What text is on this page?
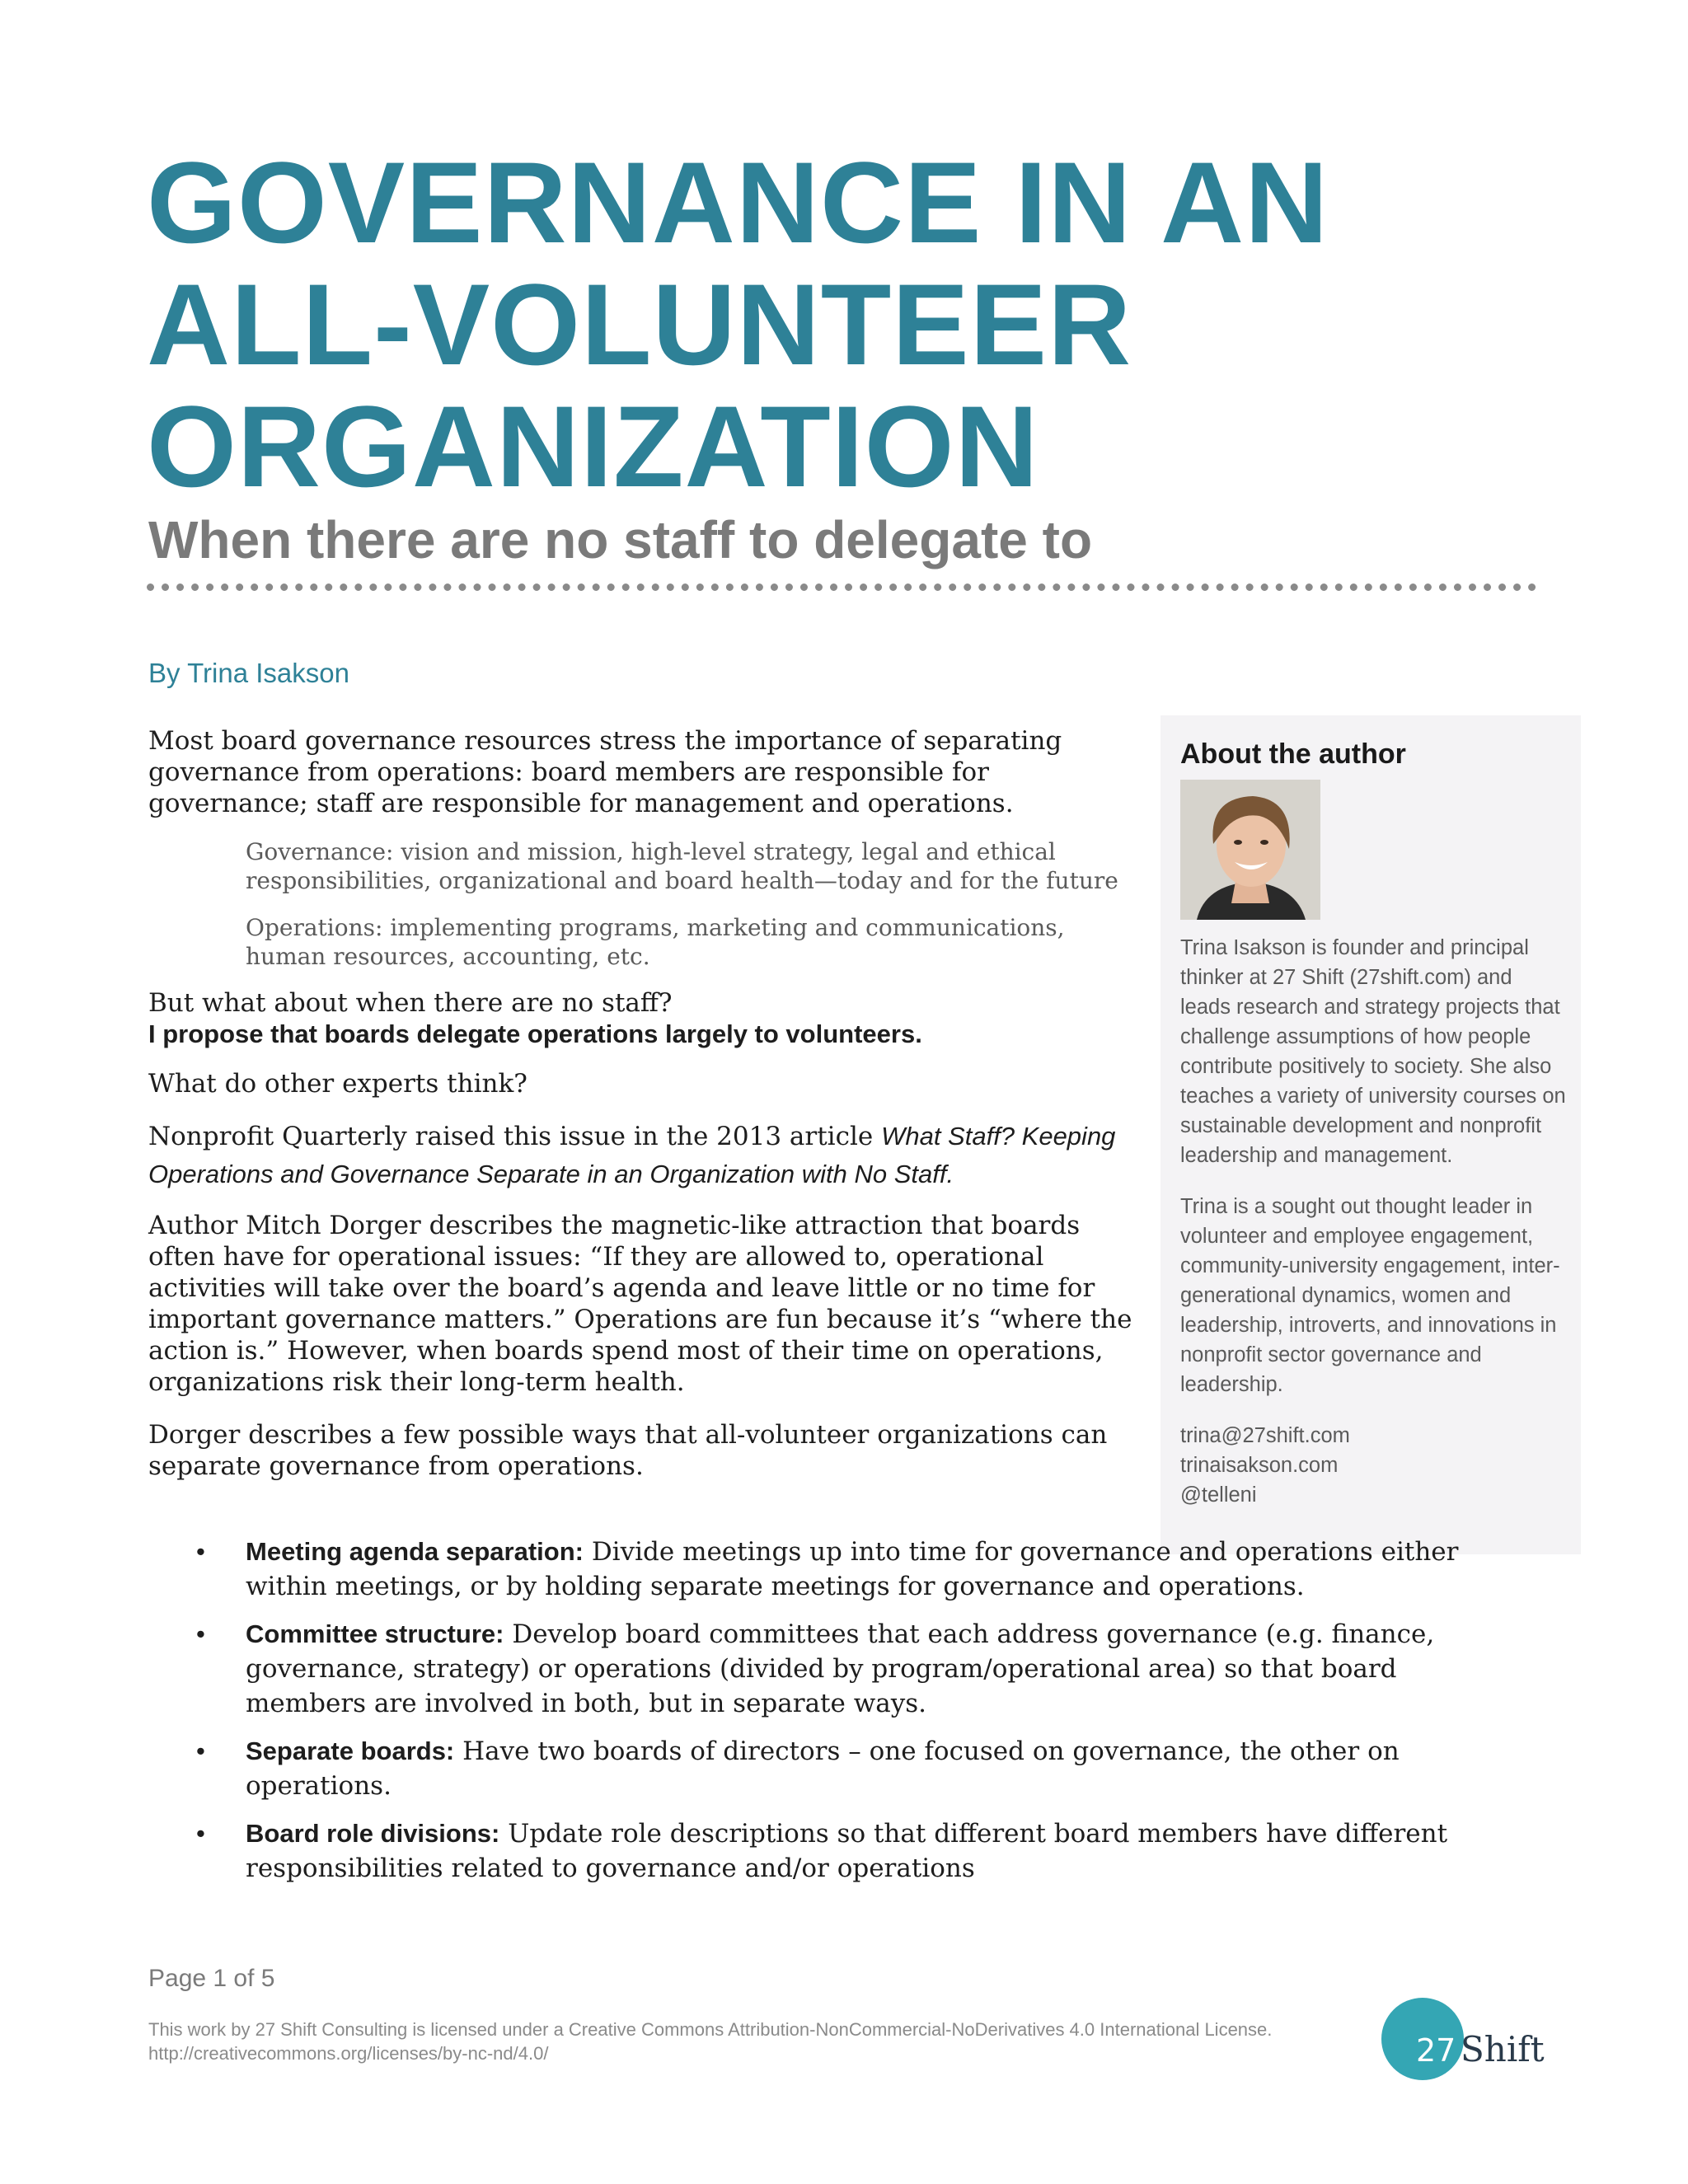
GOVERNANCE IN AN
ALL-VOLUNTEER
ORGANIZATION
When there are no staff to delegate to
By Trina Isakson

Most board governance resources stress the importance of separating governance from operations: board members are responsible for governance; staff are responsible for management and operations.

Governance: vision and mission, high-level strategy, legal and ethical responsibilities, organizational and board health—today and for the future

Operations: implementing programs, marketing and communications, human resources, accounting, etc.

But what about when there are no staff?

I propose that boards delegate operations largely to volunteers.

What do other experts think?

Nonprofit Quarterly raised this issue in the 2013 article What Staff? Keeping Operations and Governance Separate in an Organization with No Staff.

Author Mitch Dorger describes the magnetic-like attraction that boards often have for operational issues: “If they are allowed to, operational activities will take over the board’s agenda and leave little or no time for important governance matters.” Operations are fun because it’s “where the action is.” However, when boards spend most of their time on operations, organizations risk their long-term health.

Dorger describes a few possible ways that all-volunteer organizations can separate governance from operations.

About the author

Trina Isakson is founder and principal thinker at 27 Shift (27shift.com) and leads research and strategy projects that challenge assumptions of how people contribute positively to society. She also teaches a variety of university courses on sustainable development and nonprofit leadership and management.

Trina is a sought out thought leader in volunteer and employee engagement, community-university engagement, inter-generational dynamics, women and leadership, introverts, and innovations in nonprofit sector governance and leadership.

trina@27shift.com
trinaisakson.com
@telleni
• Meeting agenda separation: Divide meetings up into time for governance and operations either within meetings, or by holding separate meetings for governance and operations.
• Committee structure: Develop board committees that each address governance (e.g. finance, governance, strategy) or operations (divided by program/operational area) so that board members are involved in both, but in separate ways.
• Separate boards: Have two boards of directors – one focused on governance, the other on operations.
• Board role divisions: Update role descriptions so that different board members have different responsibilities related to governance and/or operations
Page 1 of 5
This work by 27 Shift Consulting is licensed under a Creative Commons Attribution-NonCommercial-NoDerivatives 4.0 International License.
http://creativecommons.org/licenses/by-nc-nd/4.0/	27 Shift
